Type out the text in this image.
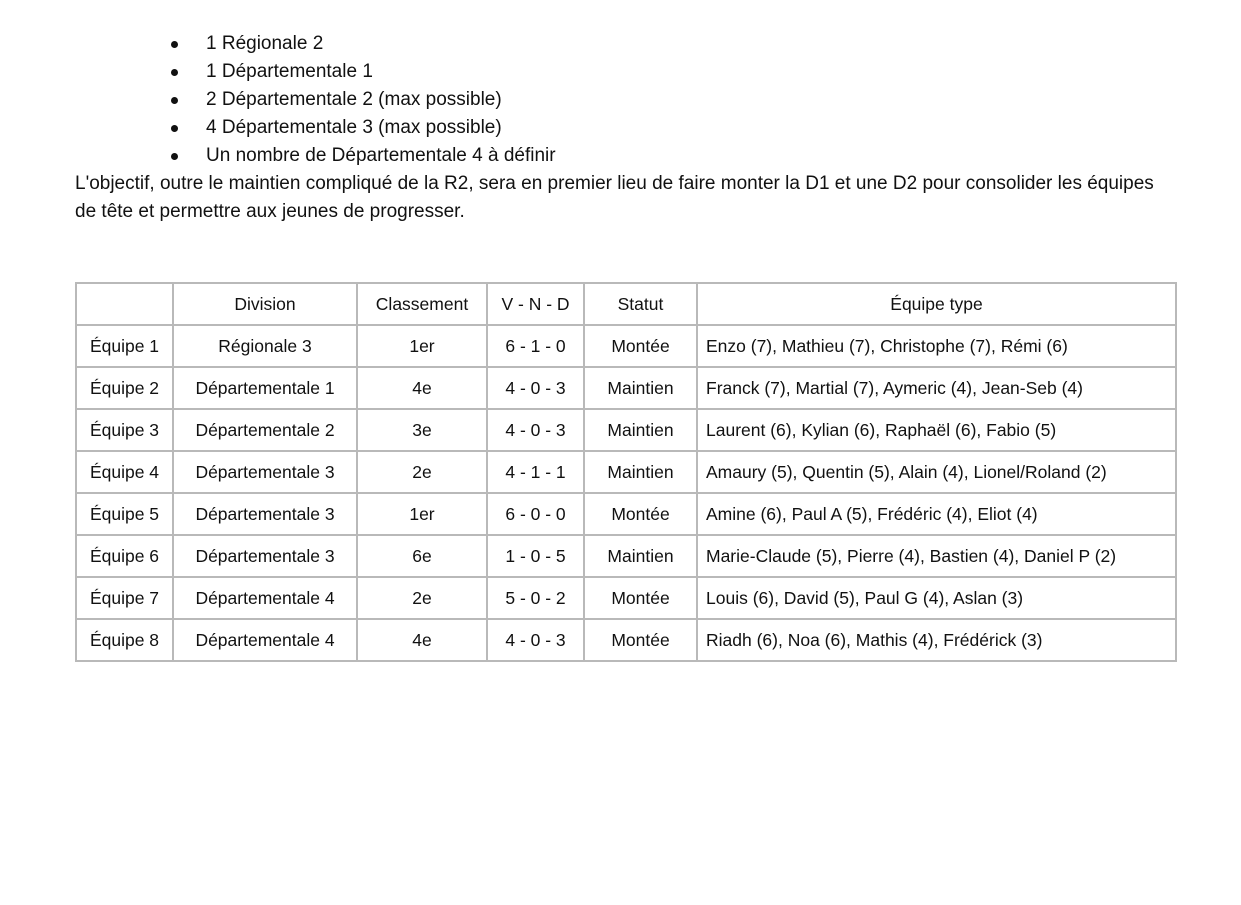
1 Régionale 2
1 Départementale 1
2 Départementale 2 (max possible)
4 Départementale 3 (max possible)
Un nombre de Départementale 4 à définir

L'objectif, outre le maintien compliqué de la R2, sera en premier lieu de faire monter la D1 et une D2 pour consolider les équipes de tête et permettre aux jeunes de progresser.

	Division	Classement	V - N - D	Statut	Équipe type
Équipe 1	Régionale 3	1er	6 - 1 - 0	Montée	Enzo (7), Mathieu (7), Christophe (7), Rémi (6)
Équipe 2	Départementale 1	4e	4 - 0 - 3	Maintien	Franck (7), Martial (7), Aymeric (4), Jean-Seb (4)
Équipe 3	Départementale 2	3e	4 - 0 - 3	Maintien	Laurent (6), Kylian (6), Raphaël (6), Fabio (5)
Équipe 4	Départementale 3	2e	4 - 1 - 1	Maintien	Amaury (5), Quentin (5), Alain (4), Lionel/Roland (2)
Équipe 5	Départementale 3	1er	6 - 0 - 0	Montée	Amine (6), Paul A (5), Frédéric (4), Eliot (4)
Équipe 6	Départementale 3	6e	1 - 0 - 5	Maintien	Marie-Claude (5), Pierre (4), Bastien (4), Daniel P (2)
Équipe 7	Départementale 4	2e	5 - 0 - 2	Montée	Louis (6), David (5), Paul G (4), Aslan (3)
Équipe 8	Départementale 4	4e	4 - 0 - 3	Montée	Riadh (6), Noa (6), Mathis (4), Frédérick (3)
